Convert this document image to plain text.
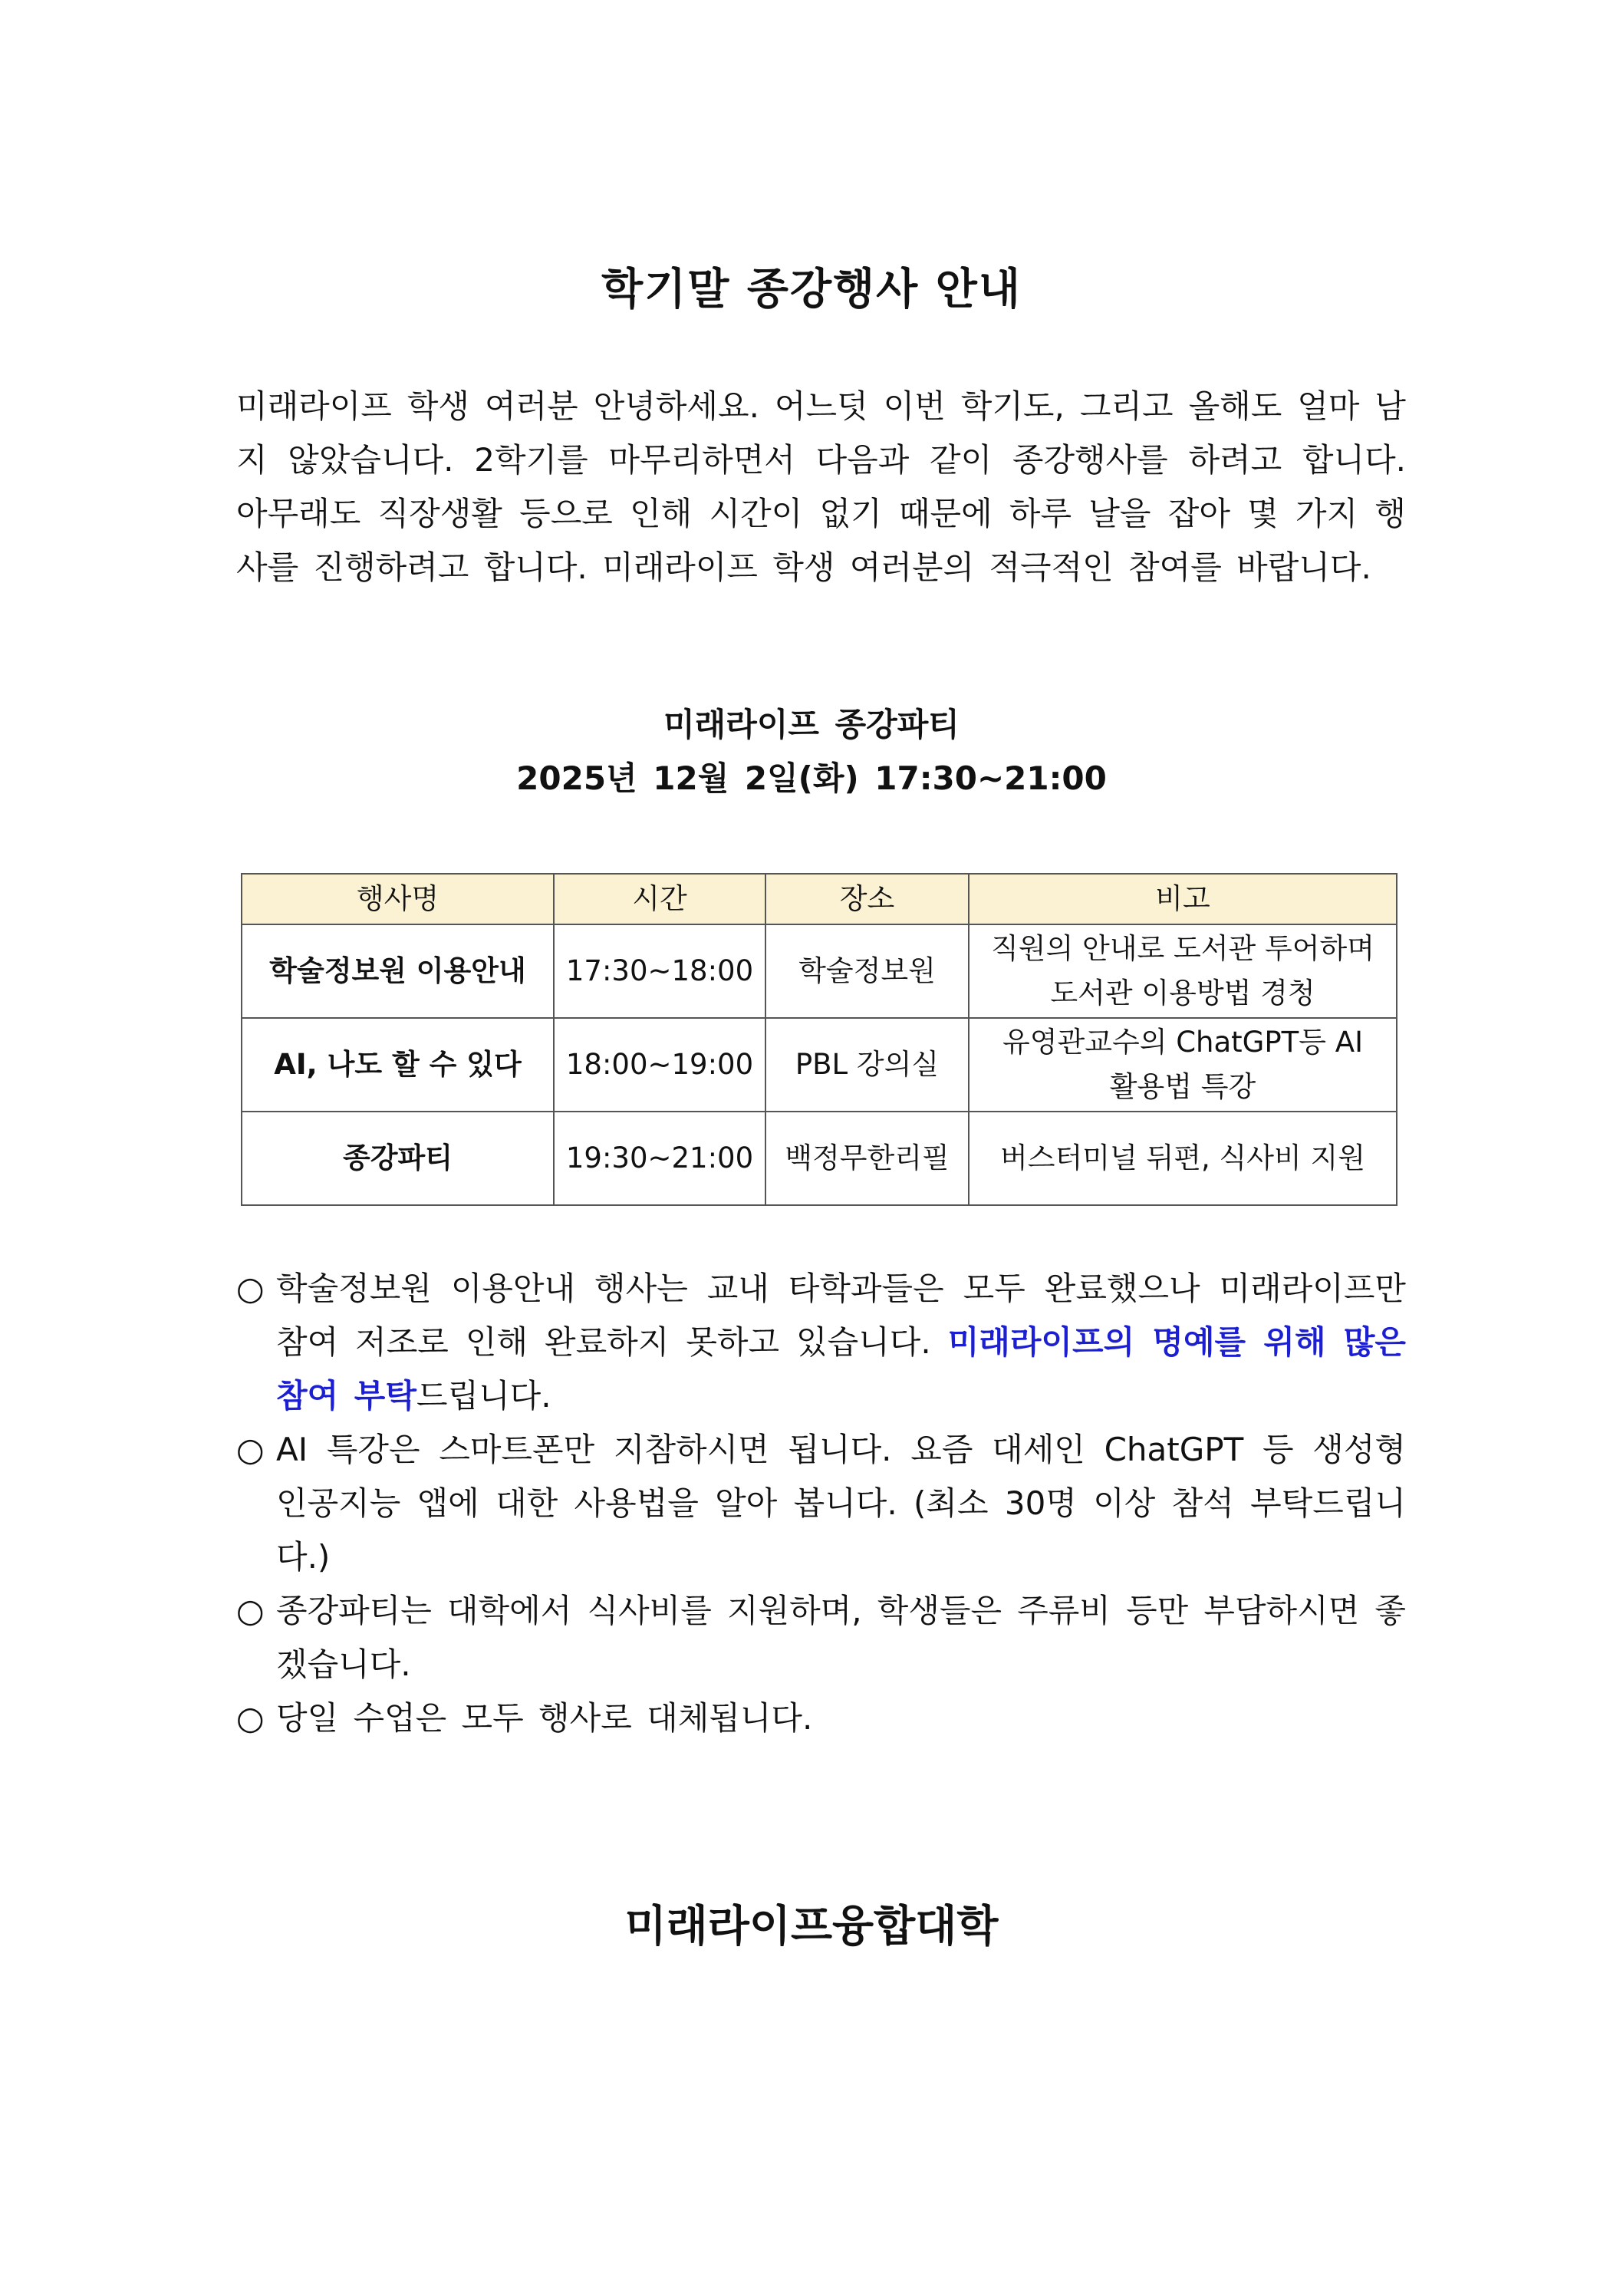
학기말 종강행사 안내

미래라이프 학생 여러분 안녕하세요. 어느덧 이번 학기도, 그리고 올해도 얼마 남지 않았습니다. 2학기를 마무리하면서 다음과 같이 종강행사를 하려고 합니다. 아무래도 직장생활 등으로 인해 시간이 없기 때문에 하루 날을 잡아 몇 가지 행사를 진행하려고 합니다. 미래라이프 학생 여러분의 적극적인 참여를 바랍니다.

미래라이프 종강파티
2025년 12월 2일(화) 17:30~21:00
행사명	시간	장소	비고
학술정보원 이용안내	17:30~18:00	학술정보원	직원의 안내로 도서관 투어하며
도서관 이용방법 경청
AI, 나도 할 수 있다	18:00~19:00	PBL 강의실	유영관교수의 ChatGPT등 AI
활용법 특강
종강파티	19:30~21:00	백정무한리필	버스터미널 뒤편, 식사비 지원
○ 학술정보원 이용안내 행사는 교내 타학과들은 모두 완료했으나 미래라이프만 참여 저조로 인해 완료하지 못하고 있습니다. 미래라이프의 명예를 위해 많은 참여 부탁드립니다.
○ AI 특강은 스마트폰만 지참하시면 됩니다. 요즘 대세인 ChatGPT 등 생성형 인공지능 앱에 대한 사용법을 알아 봅니다. (최소 30명 이상 참석 부탁드립니다.)
○ 종강파티는 대학에서 식사비를 지원하며, 학생들은 주류비 등만 부담하시면 좋겠습니다.
○ 당일 수업은 모두 행사로 대체됩니다.
미래라이프융합대학
